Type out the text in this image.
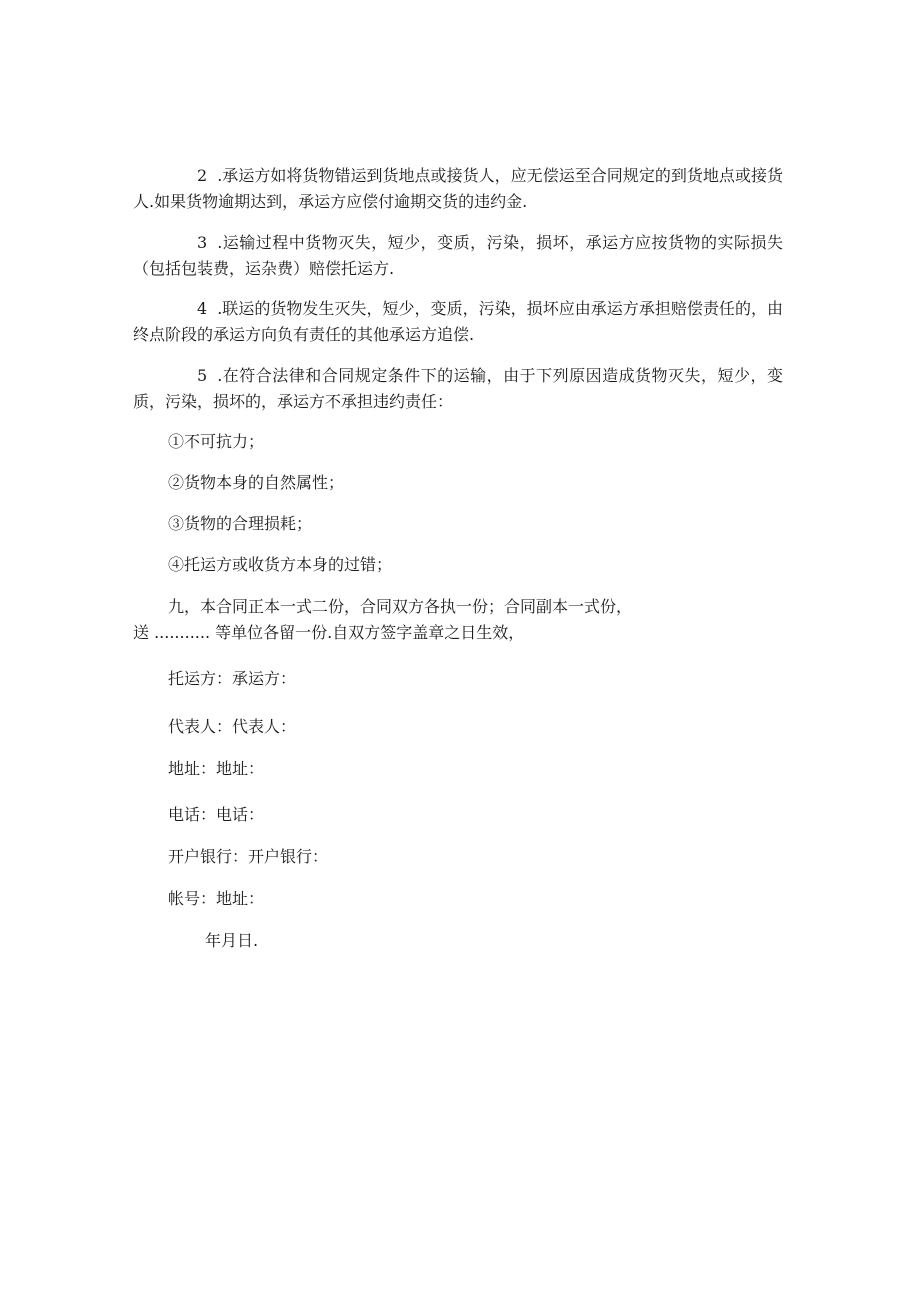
2 .承运方如将货物错运到货地点或接货人，应无偿运至合同规定的到货地点或接货人.如果货物逾期达到，承运方应偿付逾期交货的违约金.

3 .运输过程中货物灭失，短少，变质，污染，损坏，承运方应按货物的实际损失（包括包装费，运杂费）赔偿托运方.

4 .联运的货物发生灭失，短少，变质，污染，损坏应由承运方承担赔偿责任的，由终点阶段的承运方向负有责任的其他承运方追偿.

5 .在符合法律和合同规定条件下的运输，由于下列原因造成货物灭失，短少，变质，污染，损坏的，承运方不承担违约责任：

①不可抗力；

②货物本身的自然属性；

③货物的合理损耗；

④托运方或收货方本身的过错；

九，本合同正本一式二份，合同双方各执一份；合同副本一式份，

送 ........... 等单位各留一份.自双方签字盖章之日生效，

托运方：承运方：

代表人：代表人：

地址：地址：

电话：电话：

开户银行：开户银行：

帐号：地址：

年月日.
